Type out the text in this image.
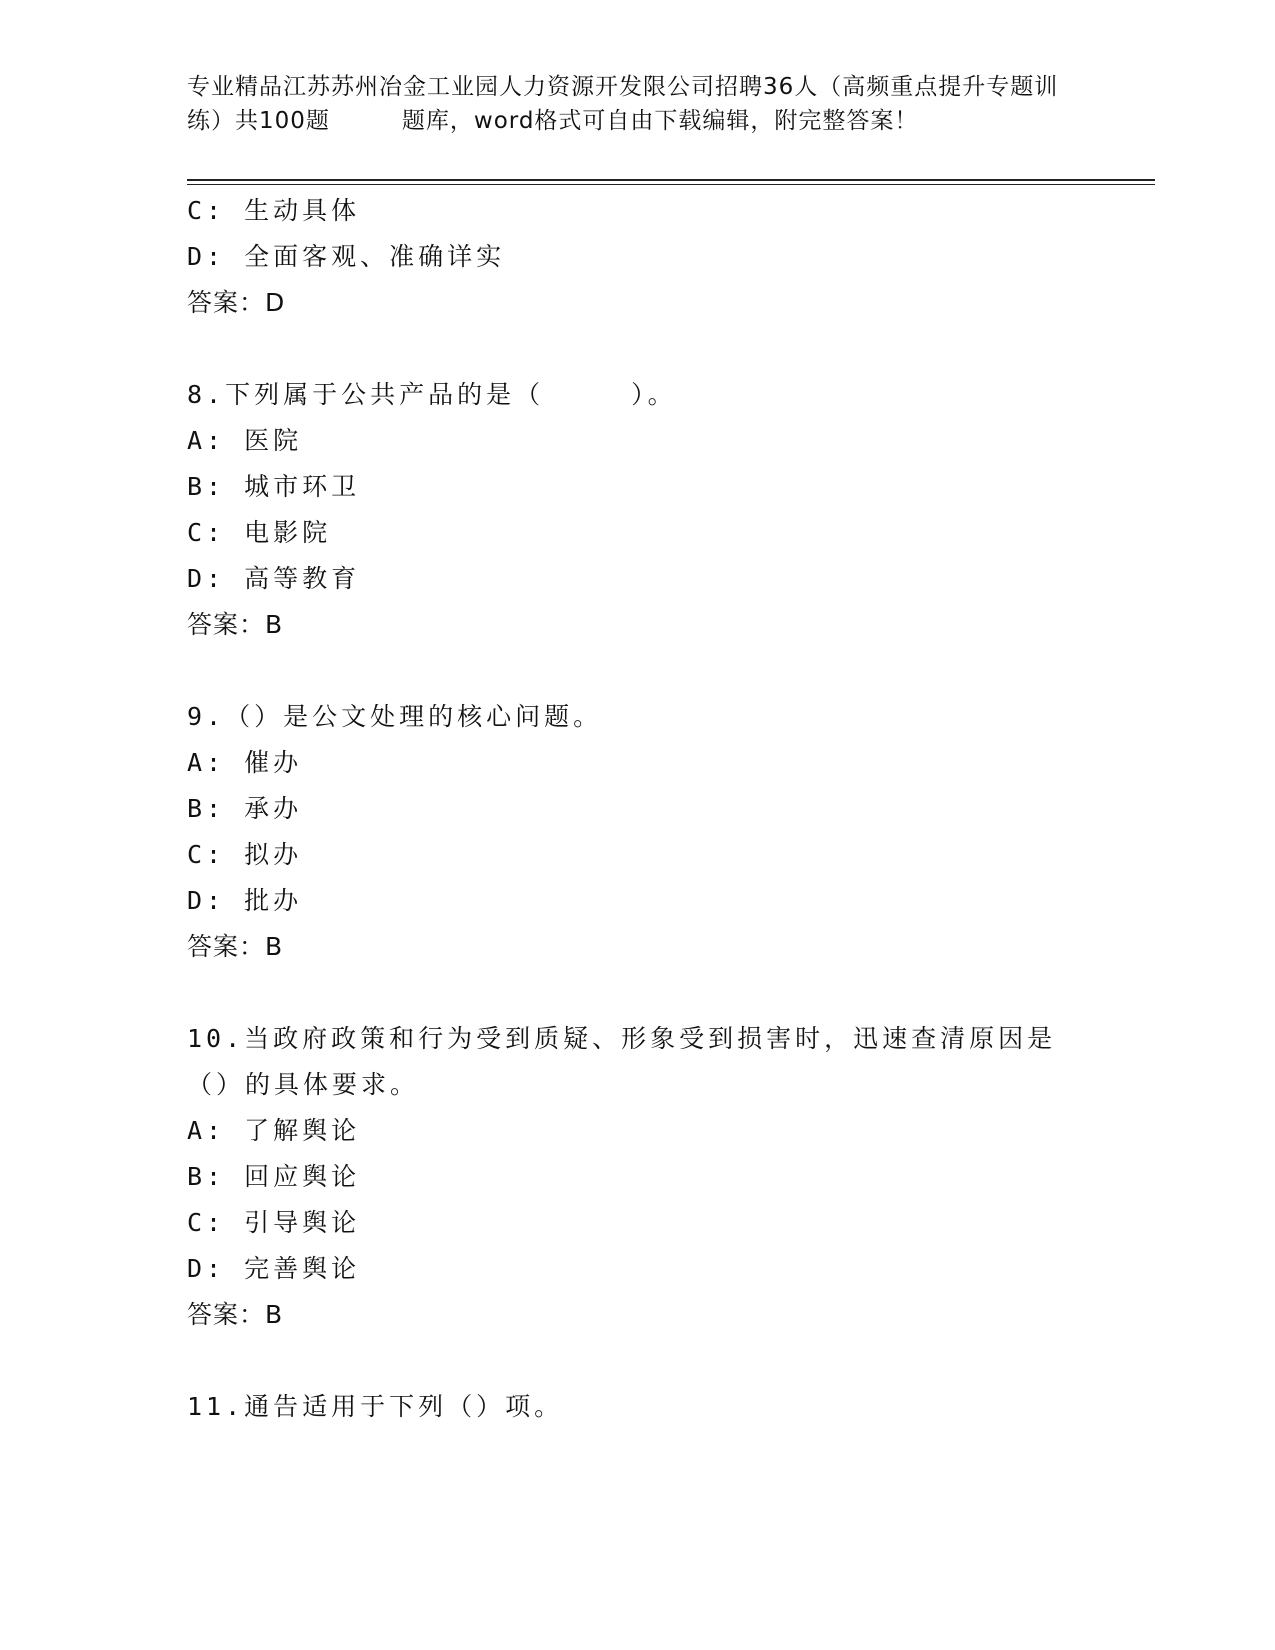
专业精品江苏苏州冶金工业园人力资源开发限公司招聘36人（高频重点提升专题训练）共100题　　　题库，word格式可自由下载编辑，附完整答案！
C: 生动具体
D: 全面客观、准确详实
答案：D
8.下列属于公共产品的是（　　　）。
A: 医院
B: 城市环卫
C: 电影院
D: 高等教育
答案：B
9.（）是公文处理的核心问题。
A: 催办
B: 承办
C: 拟办
D: 批办
答案：B
10.当政府政策和行为受到质疑、形象受到损害时，迅速查清原因是（）的具体要求。
A: 了解舆论
B: 回应舆论
C: 引导舆论
D: 完善舆论
答案：B
11.通告适用于下列（）项。
